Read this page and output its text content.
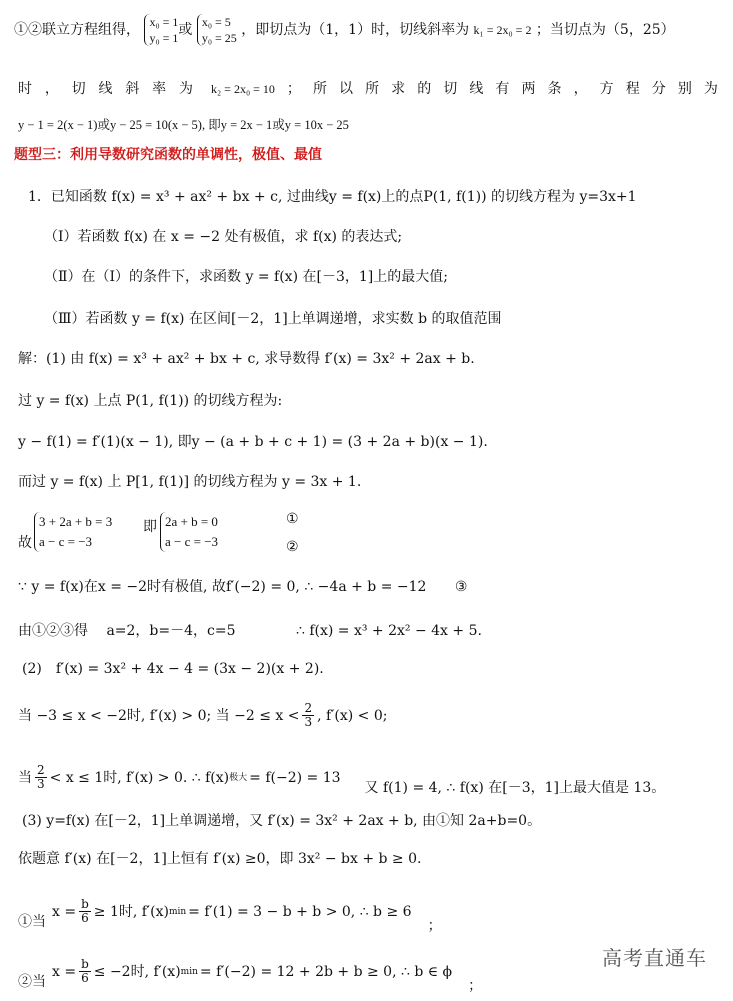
①②联立方程组得， x₀ = 1
y₀ = 1或 x₀ = 5
y₀ = 25 ，即切点为（1，1）时，切线斜率为 k₁ = 2x₀ = 2 ；当切点为（5，25）
时 ， 切 线 斜 率 为 k₂ = 2x₀ = 10 ； 所 以 所 求 的 切 线 有 两 条 ， 方 程 分 别 为
y − 1 = 2(x − 1)或y − 25 = 10(x − 5), 即y = 2x − 1或y = 10x − 25
题型三：利用导数研究函数的单调性，极值、最值
1．已知函数 f(x) = x³ + ax² + bx + c, 过曲线y = f(x)上的点P(1, f(1)) 的切线方程为 y=3x+1
（Ⅰ）若函数 f(x) 在 x = −2 处有极值，求 f(x) 的表达式;
（Ⅱ）在（Ⅰ）的条件下，求函数 y = f(x) 在[－3，1]上的最大值;
（Ⅲ）若函数 y = f(x) 在区间[－2，1]上单调递增，求实数 b 的取值范围
解：(1) 由 f(x) = x³ + ax² + bx + c, 求导数得 f′(x) = 3x² + 2ax + b.
过 y = f(x) 上点 P(1, f(1)) 的切线方程为:
y − f(1) = f′(1)(x − 1), 即y − (a + b + c + 1) = (3 + 2a + b)(x − 1).
而过 y = f(x) 上 P[1, f(1)] 的切线方程为 y = 3x + 1.
故
3 + 2a + b = 3
a − c = −3
即 2a + b = 0
a − c = −3
①
②
∵ y = f(x)在x = −2时有极值, 故f′(−2) = 0, ∴ −4a + b = −12 ③
由①②③得　 a=2，b=－4，c=5	∴ f(x) = x³ + 2x² − 4x + 5.
(2)　f′(x) = 3x² + 4x − 4 = (3x − 2)(x + 2).
当 −3 ≤ x < −2时, f′(x) > 0; 当 −2 ≤ x < 2
3 , f′(x) < 0;
当 2
3 < x ≤ 1时, f′(x) > 0. ∴ f(x) 极大 = f(−2) = 13
又 f(1) = 4, ∴ f(x) 在[－3，1]上最大值是 13。
(3) y=f(x) 在[－2，1]上单调递增，又 f′(x) = 3x² + 2ax + b, 由①知 2a+b=0。
依题意 f′(x) 在[－2，1]上恒有 f′(x) ≥0，即 3x² − bx + b ≥ 0.
①当
$x = \frac{b}{6} \ge 1$时, f′(x) min = f′(1) = 3 − b + b > 0, ∴ b ≥ 6
；
②当
$x = \frac{b}{6} \le -2$时, f′(x) min = f′(−2) = 12 + 2b + b ≥ 0, ∴ b ∈ ϕ
；
高考直通车
